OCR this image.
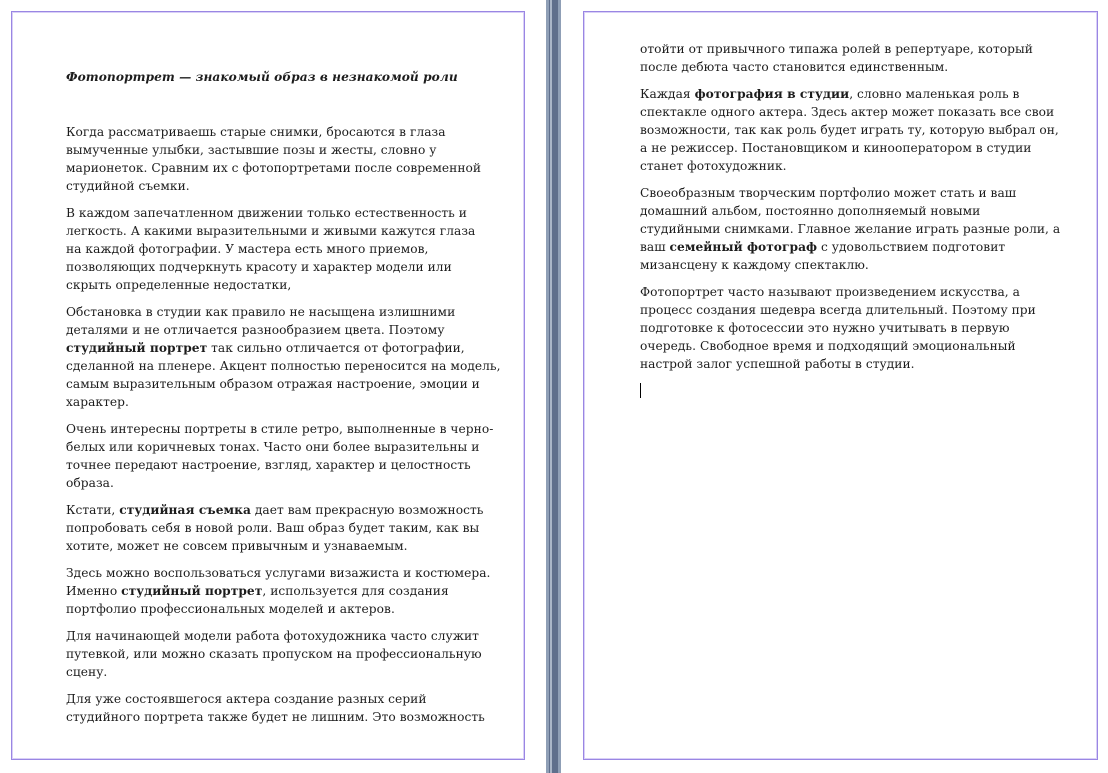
Фотопортрет — знакомый образ в незнакомой роли
Когда рассматриваешь старые снимки, бросаются в глаза
вымученные улыбки, застывшие позы и жесты, словно у
марионеток. Сравним их с фотопортретами после современной
студийной съемки.
В каждом запечатленном движении только естественность и
легкость. А какими выразительными и живыми кажутся глаза
на каждой фотографии. У мастера есть много приемов,
позволяющих подчеркнуть красоту и характер модели или
скрыть определенные недостатки,
Обстановка в студии как правило не насыщена излишними
деталями и не отличается разнообразием цвета. Поэтому
студийный портрет так сильно отличается от фотографии,
сделанной на пленере. Акцент полностью переносится на модель,
самым выразительным образом отражая настроение, эмоции и
характер.
Очень интересны портреты в стиле ретро, выполненные в черно-
белых или коричневых тонах. Часто они более выразительны и
точнее передают настроение, взгляд, характер и целостность
образа.
Кстати, студийная съемка дает вам прекрасную возможность
попробовать себя в новой роли. Ваш образ будет таким, как вы
хотите, может не совсем привычным и узнаваемым.
Здесь можно воспользоваться услугами визажиста и костюмера.
Именно студийный портрет, используется для создания
портфолио профессиональных моделей и актеров.
Для начинающей модели работа фотохудожника часто служит
путевкой, или можно сказать пропуском на профессиональную
сцену.
Для уже состоявшегося актера создание разных серий
студийного портрета также будет не лишним. Это возможность
отойти от привычного типажа ролей в репертуаре, который
после дебюта часто становится единственным.
Каждая фотография в студии, словно маленькая роль в
спектакле одного актера. Здесь актер может показать все свои
возможности, так как роль будет играть ту, которую выбрал он,
а не режиссер. Постановщиком и кинооператором в студии
станет фотохудожник.
Своеобразным творческим портфолио может стать и ваш
домашний альбом, постоянно дополняемый новыми
студийными снимками. Главное желание играть разные роли, а
ваш семейный фотограф с удовольствием подготовит
мизансцену к каждому спектаклю.
Фотопортрет часто называют произведением искусства, а
процесс создания шедевра всегда длительный. Поэтому при
подготовке к фотосессии это нужно учитывать в первую
очередь. Свободное время и подходящий эмоциональный
настрой залог успешной работы в студии.
